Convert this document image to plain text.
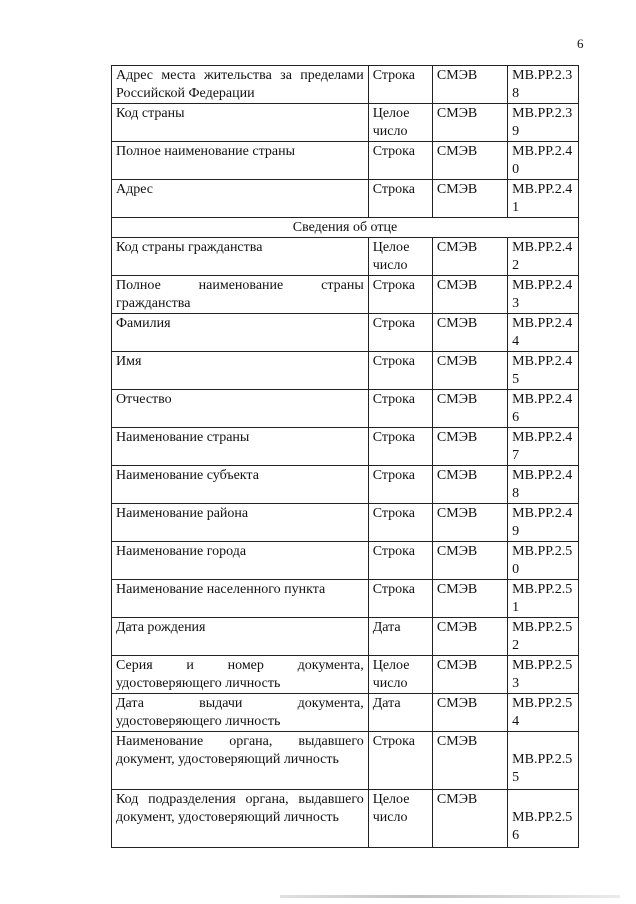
6
Адрес места жительства за пределами Российской Федерации	Строка	СМЭВ	МВ.РР.2.38
Код страны	Целое число	СМЭВ	МВ.РР.2.39
Полное наименование страны	Строка	СМЭВ	МВ.РР.2.40
Адрес	Строка	СМЭВ	МВ.РР.2.41
Сведения об отце			
Код страны гражданства	Целое число	СМЭВ	МВ.РР.2.42
Полное наименование страны гражданства	Строка	СМЭВ	МВ.РР.2.43
Фамилия	Строка	СМЭВ	МВ.РР.2.44
Имя	Строка	СМЭВ	МВ.РР.2.45
Отчество	Строка	СМЭВ	МВ.РР.2.46
Наименование страны	Строка	СМЭВ	МВ.РР.2.47
Наименование субъекта	Строка	СМЭВ	МВ.РР.2.48
Наименование района	Строка	СМЭВ	МВ.РР.2.49
Наименование города	Строка	СМЭВ	МВ.РР.2.50
Наименование населенного пункта	Строка	СМЭВ	МВ.РР.2.51
Дата рождения	Дата	СМЭВ	МВ.РР.2.52
Серия и номер документа, удостоверяющего личность	Целое число	СМЭВ	МВ.РР.2.53
Дата выдачи документа, удостоверяющего личность	Дата	СМЭВ	МВ.РР.2.54
Наименование органа, выдавшего документ, удостоверяющий личность	Строка	СМЭВ	МВ.РР.2.55
Код подразделения органа, выдавшего документ, удостоверяющий личность	Целое число	СМЭВ	МВ.РР.2.56
